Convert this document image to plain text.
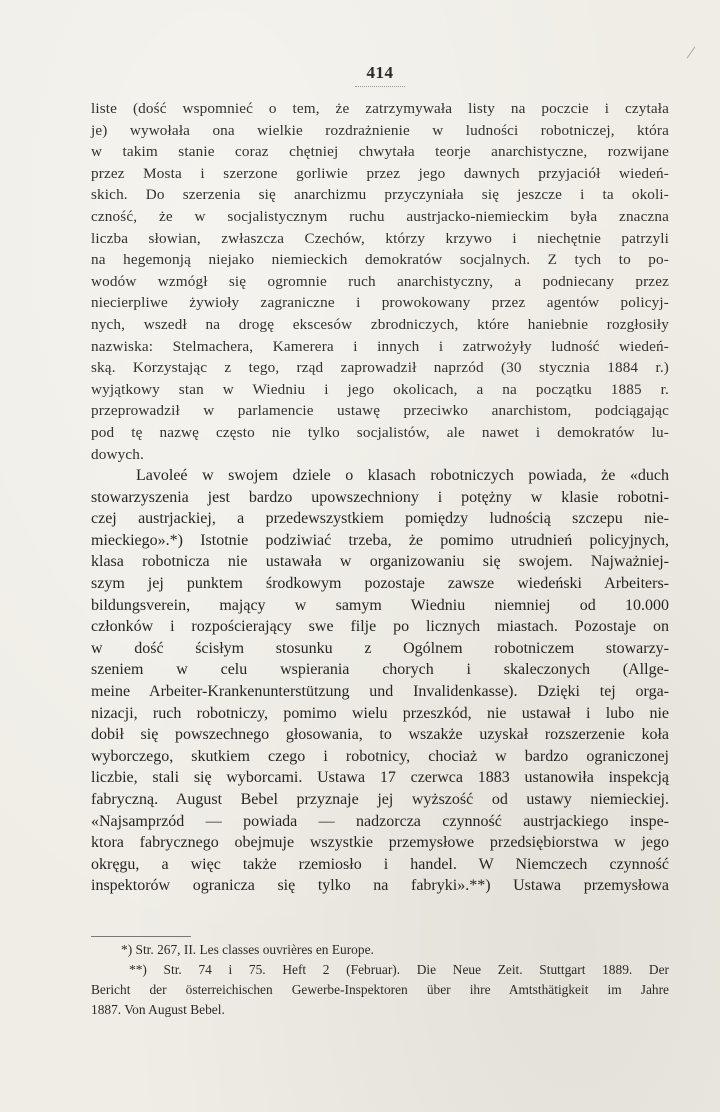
414
liste (dość wspomnieć o tem, że zatrzymywała listy na poczcie i czytała
je) wywołała ona wielkie rozdrażnienie w ludności robotniczej, która
w takim stanie coraz chętniej chwytała teorje anarchistyczne, rozwijane
przez Mosta i szerzone gorliwie przez jego dawnych przyjaciół wiedeń-
skich. Do szerzenia się anarchizmu przyczyniała się jeszcze i ta okoli-
czność, że w socjalistycznym ruchu austrjacko-niemieckim była znaczna
liczba słowian, zwłaszcza Czechów, którzy krzywo i niechętnie patrzyli
na hegemonją niejako niemieckich demokratów socjalnych. Z tych to po-
wodów wzmógł się ogromnie ruch anarchistyczny, a podniecany przez
niecierpliwe żywioły zagraniczne i prowokowany przez agentów policyj-
nych, wszedł na drogę ekscesów zbrodniczych, które haniebnie rozgłosiły
nazwiska: Stelmachera, Kamerera i innych i zatrwożyły ludność wiedeń-
ską. Korzystając z tego, rząd zaprowadził naprzód (30 stycznia 1884 r.)
wyjątkowy stan w Wiedniu i jego okolicach, a na początku 1885 r.
przeprowadził w parlamencie ustawę przeciwko anarchistom, podciągając
pod tę nazwę często nie tylko socjalistów, ale nawet i demokratów lu-
dowych.
Lavoleé w swojem dziele o klasach robotniczych powiada, że «duch
stowarzyszenia jest bardzo upowszechniony i potężny w klasie robotni-
czej austrjackiej, a przedewszystkiem pomiędzy ludnością szczepu nie-
mieckiego».*) Istotnie podziwiać trzeba, że pomimo utrudnień policyjnych,
klasa robotnicza nie ustawała w organizowaniu się swojem. Najważniej-
szym jej punktem środkowym pozostaje zawsze wiedeński Arbeiters-
bildungsverein, mający w samym Wiedniu niemniej od 10.000
członków i rozpościerający swe filje po licznych miastach. Pozostaje on
w dość ścisłym stosunku z Ogólnem robotniczem stowarzy-
szeniem w celu wspierania chorych i skaleczonych (Allge-
meine Arbeiter-Krankenunterstützung und Invalidenkasse). Dzięki tej orga-
nizacji, ruch robotniczy, pomimo wielu przeszkód, nie ustawał i lubo nie
dobił się powszechnego głosowania, to wszakże uzyskał rozszerzenie koła
wyborczego, skutkiem czego i robotnicy, chociaż w bardzo ograniczonej
liczbie, stali się wyborcami. Ustawa 17 czerwca 1883 ustanowiła inspekcją
fabryczną. August Bebel przyznaje jej wyższość od ustawy niemieckiej.
«Najsamprzód — powiada — nadzorcza czynność austrjackiego inspe-
ktora fabrycznego obejmuje wszystkie przemysłowe przedsiębiorstwa w jego
okręgu, a więc także rzemiosło i handel. W Niemczech czynność
inspektorów ogranicza się tylko na fabryki».**) Ustawa przemysłowa
*) Str. 267, II. Les classes ouvrières en Europe.
**) Str. 74 i 75. Heft 2 (Februar). Die Neue Zeit. Stuttgart 1889. Der
Bericht der österreichischen Gewerbe-Inspektoren über ihre Amtsthätigkeit im Jahre
1887. Von August Bebel.
